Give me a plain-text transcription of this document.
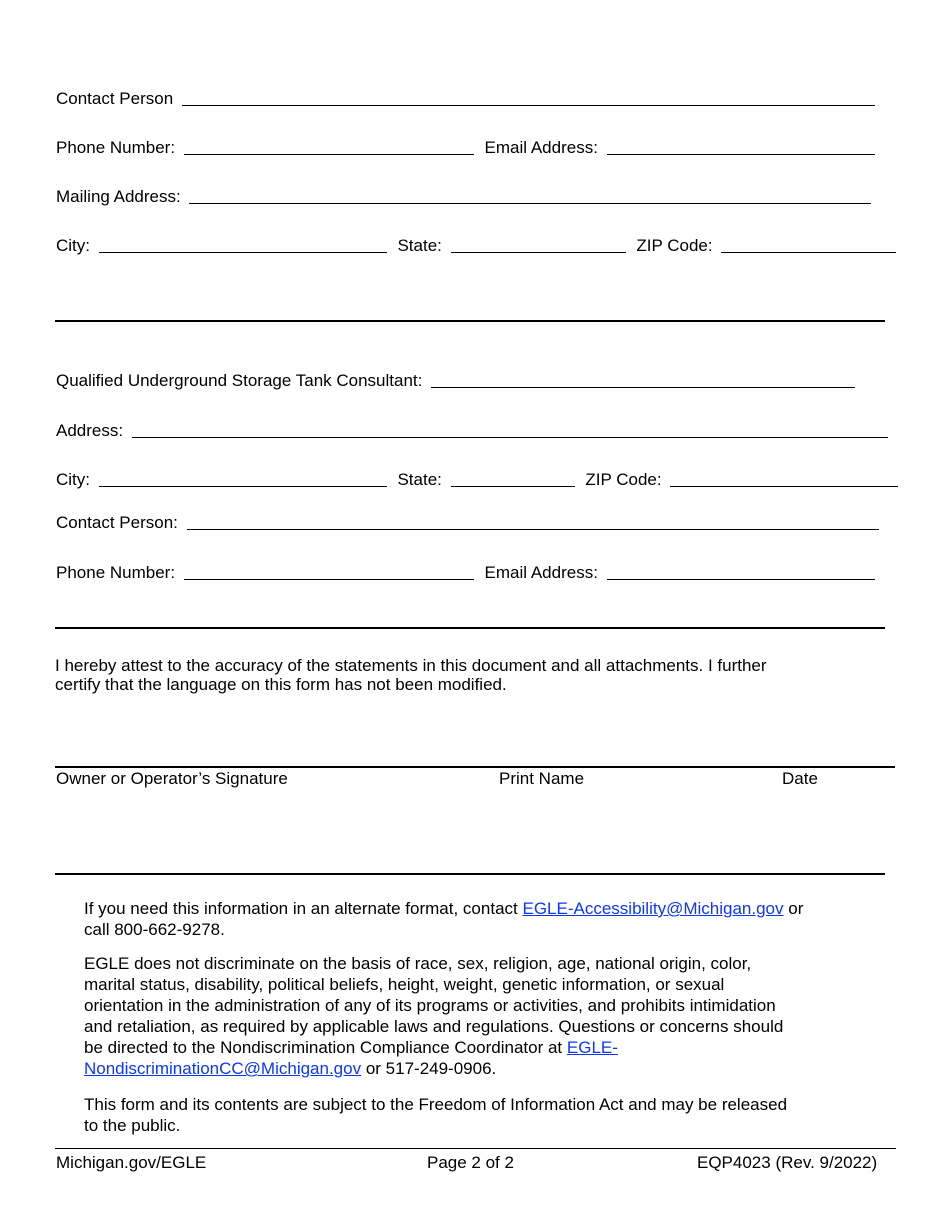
Contact Person
Phone Number:	Email Address:
Mailing Address:
City:	State:	ZIP Code:
Qualified Underground Storage Tank Consultant:
Address:
City:	State:	ZIP Code:
Contact Person:
Phone Number:	Email Address:
I hereby attest to the accuracy of the statements in this document and all attachments. I further
certify that the language on this form has not been modified.
Owner or Operator’s Signature	Print Name	Date
If you need this information in an alternate format, contact EGLE-Accessibility@Michigan.gov or
call 800-662-9278.
EGLE does not discriminate on the basis of race, sex, religion, age, national origin, color,
marital status, disability, political beliefs, height, weight, genetic information, or sexual
orientation in the administration of any of its programs or activities, and prohibits intimidation
and retaliation, as required by applicable laws and regulations. Questions or concerns should
be directed to the Nondiscrimination Compliance Coordinator at EGLE-
NondiscriminationCC@Michigan.gov or 517-249-0906.
This form and its contents are subject to the Freedom of Information Act and may be released
to the public.
Michigan.gov/EGLE	Page 2 of 2	EQP4023 (Rev. 9/2022)
